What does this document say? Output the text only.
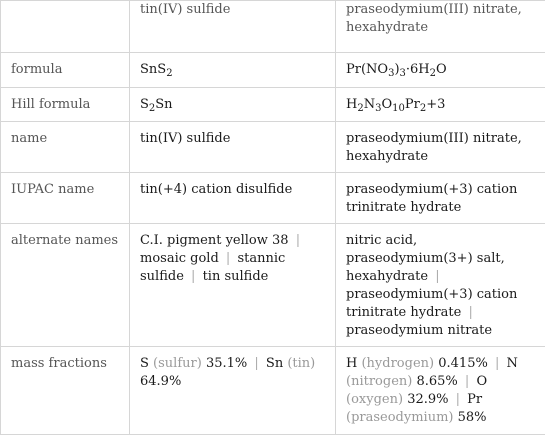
	tin(IV) sulfide	praseodymium(III) nitrate, hexahydrate
formula	SnS$_2$	$Pr(NO_3)_3\cdot 6H_2O$
Hill formula	$S_2Sn$	$H_2N_3O_{10}Pr_2+3$
name	tin(IV) sulfide	praseodymium(III) nitrate, hexahydrate
IUPAC name	tin(+4) cation disulfide	praseodymium(+3) cation trinitrate hydrate
alternate names	C.I. pigment yellow 38 | mosaic gold | stannic sulfide | tin sulfide	nitric acid, praseodymium(3+) salt, hexahydrate | praseodymium(+3) cation trinitrate hydrate | praseodymium nitrate
mass fractions	S (sulfur) 35.1% | Sn (tin) 64.9%	H (hydrogen) 0.415% | N (nitrogen) 8.65% | O (oxygen) 32.9% | Pr (praseodymium) 58%
